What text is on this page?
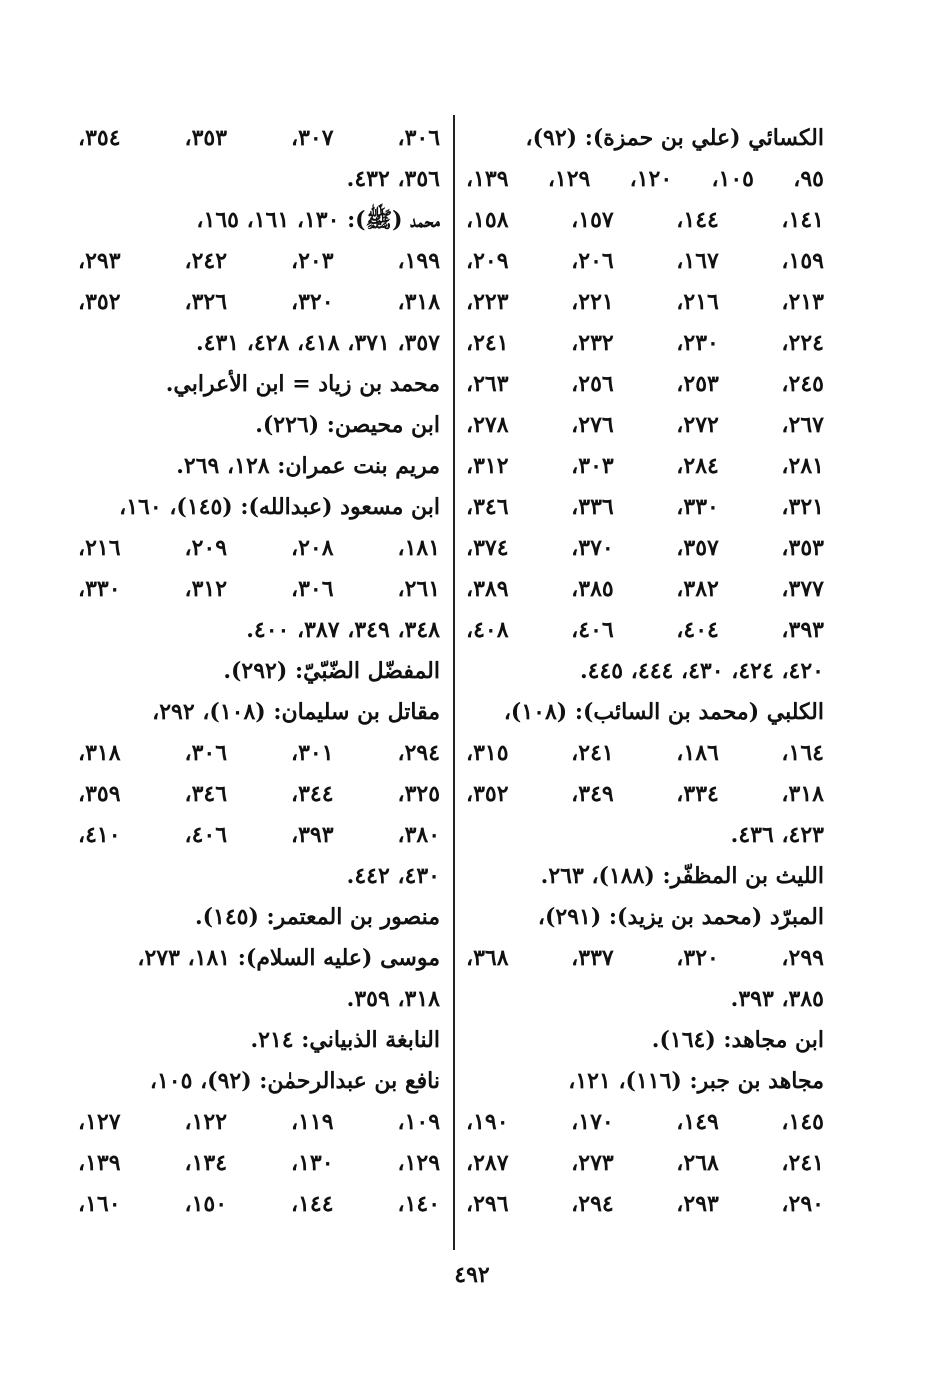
الكسائي (علي بن حمزة): (٩٢)،
٩٥، ١٠٥، ١٢٠، ١٢٩، ١٣٩،
١٤١، ١٤٤، ١٥٧، ١٥٨،
١٥٩، ١٦٧، ٢٠٦، ٢٠٩،
٢١٣، ٢١٦، ٢٢١، ٢٢٣،
٢٢٤، ٢٣٠، ٢٣٢، ٢٤١،
٢٤٥، ٢٥٣، ٢٥٦، ٢٦٣،
٢٦٧، ٢٧٢، ٢٧٦، ٢٧٨،
٢٨١، ٢٨٤، ٣٠٣، ٣١٢،
٣٢١، ٣٣٠، ٣٣٦، ٣٤٦،
٣٥٣، ٣٥٧، ٣٧٠، ٣٧٤،
٣٧٧، ٣٨٢، ٣٨٥، ٣٨٩،
٣٩٣، ٤٠٤، ٤٠٦، ٤٠٨،
٤٢٠، ٤٢٤، ٤٣٠، ٤٤٤، ٤٤٥.
الكلبي (محمد بن السائب): (١٠٨)،
١٦٤، ١٨٦، ٢٤١، ٣١٥،
٣١٨، ٣٣٤، ٣٤٩، ٣٥٢،
٤٢٣، ٤٣٦.
الليث بن المظفّر: (١٨٨)، ٢٦٣.
المبرّد (محمد بن يزيد): (٢٩١)،
٢٩٩، ٣٢٠، ٣٣٧، ٣٦٨،
٣٨٥، ٣٩٣.
ابن مجاهد: (١٦٤).
مجاهد بن جبر: (١١٦)، ١٢١،
١٤٥، ١٤٩، ١٧٠، ١٩٠،
٢٤١، ٢٦٨، ٢٧٣، ٢٨٧،
٢٩٠، ٢٩٣، ٢٩٤، ٢٩٦،
٣٠٦، ٣٠٧، ٣٥٣، ٣٥٤،
٣٥٦، ٤٣٢.
محمد (ﷺ): ١٣٠، ١٦١، ١٦٥،
١٩٩، ٢٠٣، ٢٤٢، ٢٩٣،
٣١٨، ٣٢٠، ٣٢٦، ٣٥٢،
٣٥٧، ٣٧١، ٤١٨، ٤٢٨، ٤٣١.
محمد بن زياد = ابن الأعرابي.
ابن محيصن: (٢٢٦).
مريم بنت عمران: ١٢٨، ٢٦٩.
ابن مسعود (عبدالله): (١٤٥)، ١٦٠،
١٨١، ٢٠٨، ٢٠٩، ٢١٦،
٢٦١، ٣٠٦، ٣١٢، ٣٣٠،
٣٤٨، ٣٤٩، ٣٨٧، ٤٠٠.
المفضّل الضّبّيّ: (٢٩٢).
مقاتل بن سليمان: (١٠٨)، ٢٩٢،
٢٩٤، ٣٠١، ٣٠٦، ٣١٨،
٣٢٥، ٣٤٤، ٣٤٦، ٣٥٩،
٣٨٠، ٣٩٣، ٤٠٦، ٤١٠،
٤٣٠، ٤٤٢.
منصور بن المعتمر: (١٤٥).
موسى (عليه السلام): ١٨١، ٢٧٣،
٣١٨، ٣٥٩.
النابغة الذبياني: ٢١٤.
نافع بن عبدالرحمٰن: (٩٢)، ١٠٥،
١٠٩، ١١٩، ١٢٢، ١٢٧،
١٢٩، ١٣٠، ١٣٤، ١٣٩،
١٤٠، ١٤٤، ١٥٠، ١٦٠،
٤٩٢
